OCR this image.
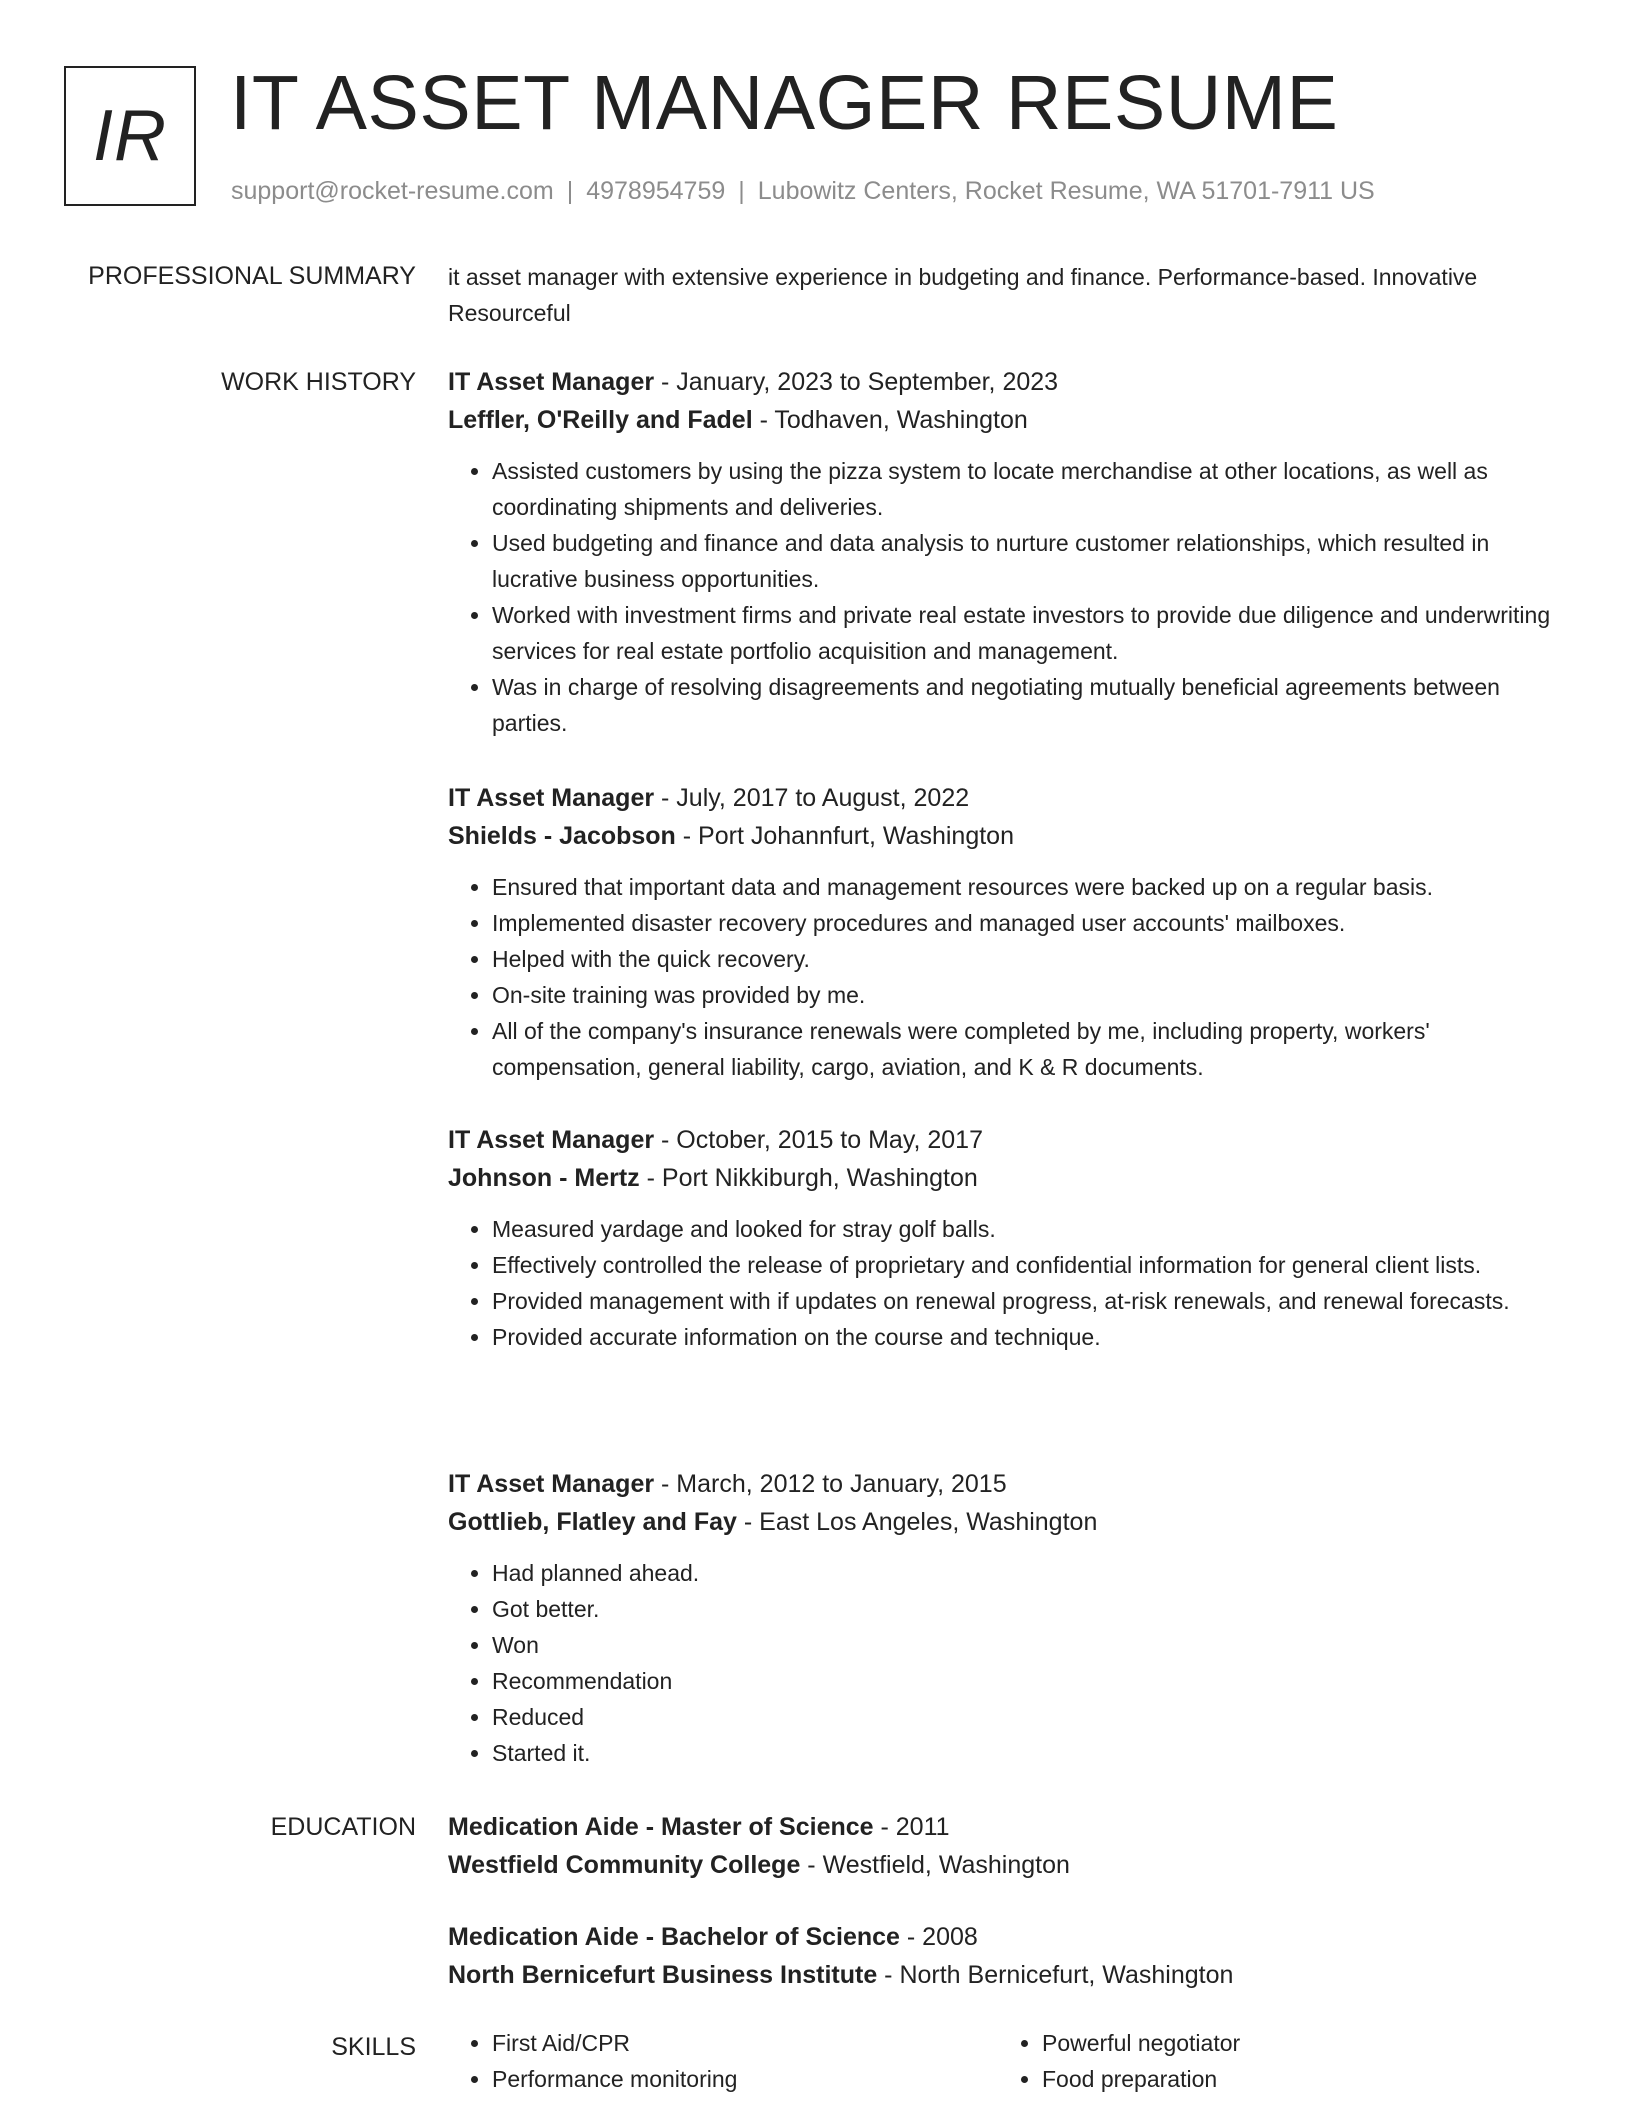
IR IT ASSET MANAGER RESUME
support@rocket-resume.com | 4978954759 | Lubowitz Centers, Rocket Resume, WA 51701-7911 US
PROFESSIONAL SUMMARY it asset manager with extensive experience in budgeting and finance. Performance-based. Innovative Resourceful

WORK HISTORY IT Asset Manager - January, 2023 to September, 2023
Leffler, O'Reilly and Fadel - Todhaven, Washington
• Assisted customers by using the pizza system to locate merchandise at other locations, as well as coordinating shipments and deliveries.
• Used budgeting and finance and data analysis to nurture customer relationships, which resulted in lucrative business opportunities.
• Worked with investment firms and private real estate investors to provide due diligence and underwriting services for real estate portfolio acquisition and management.
• Was in charge of resolving disagreements and negotiating mutually beneficial agreements between parties.
IT Asset Manager - July, 2017 to August, 2022
Shields - Jacobson - Port Johannfurt, Washington
• Ensured that important data and management resources were backed up on a regular basis.
• Implemented disaster recovery procedures and managed user accounts' mailboxes.
• Helped with the quick recovery.
• On-site training was provided by me.
• All of the company's insurance renewals were completed by me, including property, workers' compensation, general liability, cargo, aviation, and K & R documents.
IT Asset Manager - October, 2015 to May, 2017
Johnson - Mertz - Port Nikkiburgh, Washington
• Measured yardage and looked for stray golf balls.
• Effectively controlled the release of proprietary and confidential information for general client lists.
• Provided management with if updates on renewal progress, at-risk renewals, and renewal forecasts.
• Provided accurate information on the course and technique.
IT Asset Manager - March, 2012 to January, 2015
Gottlieb, Flatley and Fay - East Los Angeles, Washington
• Had planned ahead.
• Got better.
• Won
• Recommendation
• Reduced
• Started it.
EDUCATION Medication Aide - Master of Science - 2011
Westfield Community College - Westfield, Washington
Medication Aide - Bachelor of Science - 2008
North Bernicefurt Business Institute - North Bernicefurt, Washington
SKILLS
•	First Aid/CPR
• Performance monitoring
• Powerful negotiator
• Food preparation
